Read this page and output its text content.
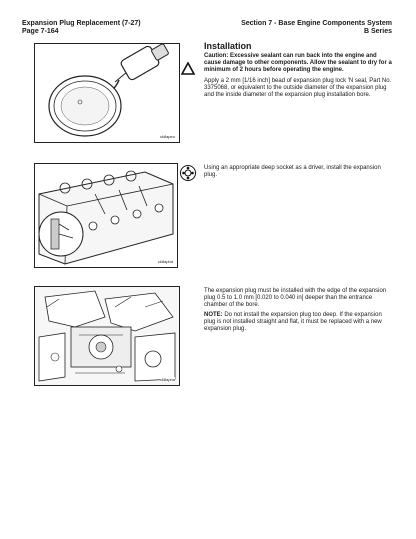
Expansion Plug Replacement (7-27)
Page 7-164
Section 7 - Base Engine Components System
B Series
ck8apeo
Installation

Caution: Excessive sealant can run back into the engine and cause damage to other components. Allow the sealant to dry for a minimum of 2 hours before operating the engine.

Apply a 2 mm [1/16 inch] bead of expansion plug lock 'N seal, Part No. 3375068, or equivalent to the outside diameter of the expansion plug and the inside diameter of the expansion plug installation bore.

ck8aphd

Using an appropriate deep socket as a driver, install the expansion plug.

ck8apha

The expansion plug must be installed with the edge of the expansion plug 0.5 to 1.0 mm [0.020 to 0.040 in] deeper than the entrance chamber of the bore.

NOTE: Do not install the expansion plug too deep. If the expansion plug is not installed straight and flat, it must be replaced with a new expansion plug.
